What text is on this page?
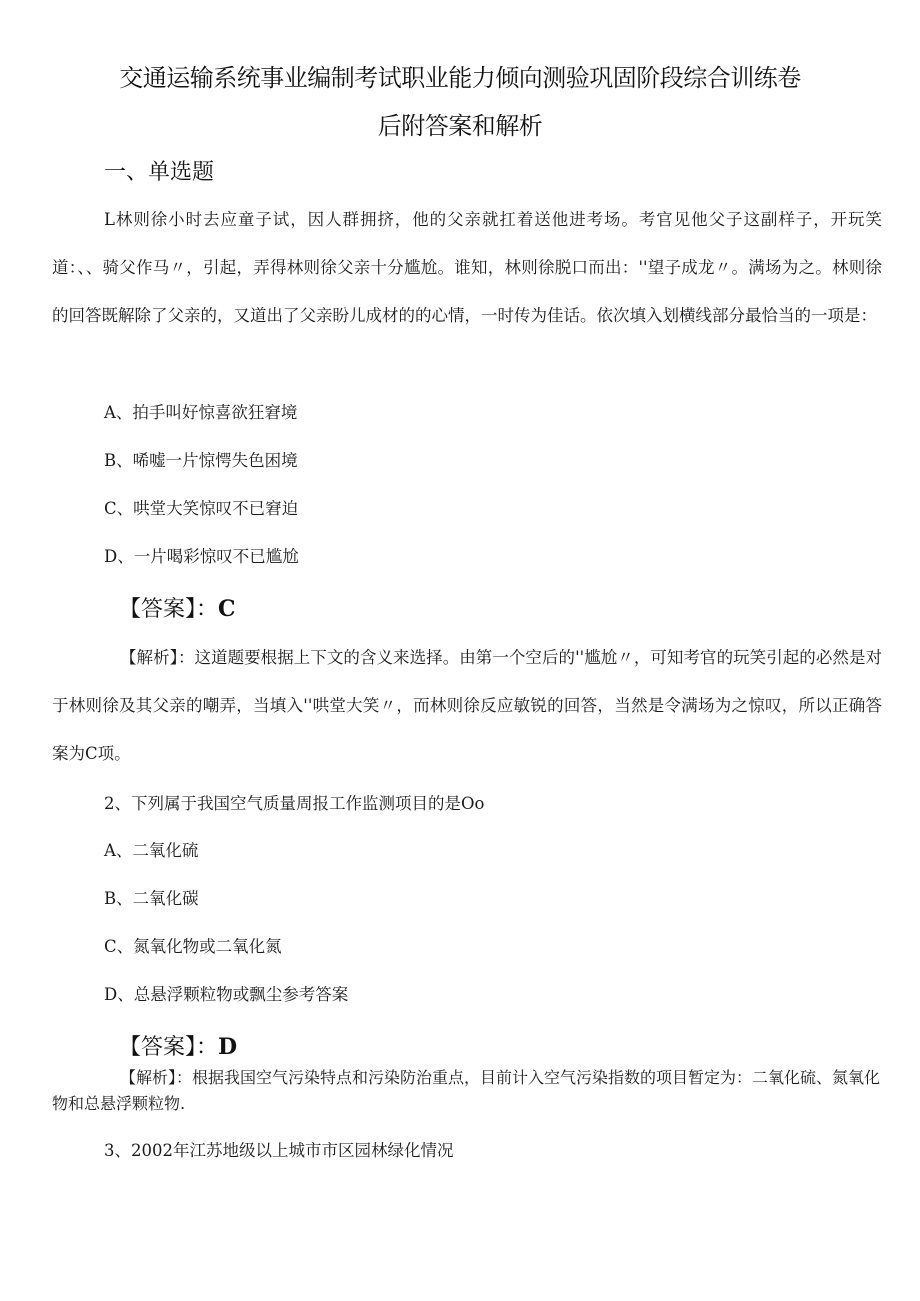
交通运输系统事业编制考试职业能力倾向测验巩固阶段综合训练卷
后附答案和解析
一、单选题

L林则徐小时去应童子试，因人群拥挤，他的父亲就扛着送他进考场。考官见他父子这副样子，开玩笑道：、、骑父作马〃，引起，弄得林则徐父亲十分尴尬。谁知，林则徐脱口而出：''望子成龙〃。满场为之。林则徐的回答既解除了父亲的，又道出了父亲盼儿成材的的心情，一时传为佳话。依次填入划横线部分最恰当的一项是：

A、拍手叫好惊喜欲狂窘境
B、唏嘘一片惊愕失色困境
C、哄堂大笑惊叹不已窘迫
D、一片喝彩惊叹不已尴尬
【答案】：C

【解析】：这道题要根据上下文的含义来选择。由第一个空后的''尴尬〃，可知考官的玩笑引起的必然是对于林则徐及其父亲的嘲弄，当填入''哄堂大笑〃，而林则徐反应敏锐的回答，当然是令满场为之惊叹，所以正确答案为C项。

2、下列属于我国空气质量周报工作监测项目的是Oo
A、二氧化硫
B、二氧化碳
C、氮氧化物或二氧化氮
D、总悬浮颗粒物或飘尘参考答案
【答案】：D

【解析】：根据我国空气污染特点和污染防治重点，目前计入空气污染指数的项目暂定为：二氧化硫、氮氧化物和总悬浮颗粒物.

3、2002年江苏地级以上城市市区园林绿化情况
